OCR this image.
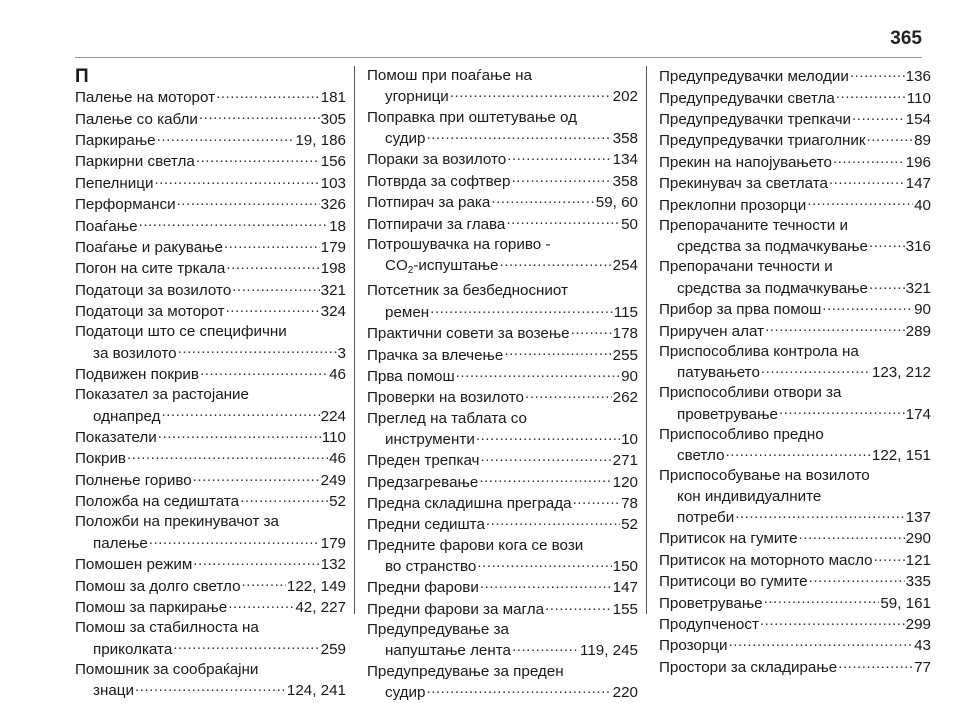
365
П
Палење на моторот .....	181
Палење со кабли .....	305
Паркирање .....	19, 186
Паркирни светла .....	156
Пепелници .....	103
Перформанси .....	326
Поаѓање .....	18
Поаѓање и ракување .....	179
Погон на сите тркала .....	198
Податоци за возилото .....	321
Податоци за моторот .....	324
Податоци што се специфични
за возилото .....	3
Подвижен покрив .....	46
Показател за растојание
однапред .....	224
Показатели .....	110
Покрив .....	46
Полнење гориво .....	249
Положба на седиштата .....	52
Положби на прекинувачот за
палење .....	179
Помошен режим .....	132
Помош за долго светло .....	122, 149
Помош за паркирање .....	42, 227
Помош за стабилноста на
приколката .....	259
Помошник за сообраќајни
знаци .....	124, 241
Помош при поаѓање на
угорници .....	202
Поправка при оштетување од
судир .....	358
Пораки за возилото .....	134
Потврда за софтвер .....	358
Потпирач за рака .....	59, 60
Потпирачи за глава .....	50
Потрошувачка на гориво -
$CO_2$-испуштање .....	254
Потсетник за безбедносниот
ремен .....	115
Практични совети за возење .....	178
Прачка за влечење .....	255
Прва помош .....	90
Проверки на возилото .....	262
Преглед на таблата со
инструменти .....	10
Преден трепкач .....	271
Предзагревање .....	120
Предна складишна преграда .....	78
Предни седишта .....	52
Предните фарови кога се вози
во странство .....	150
Предни фарови .....	147
Предни фарови за магла .....	155
Предупредување за
напуштање лента .....	119, 245
Предупредување за преден
судир .....	220
Предупредувачки мелодии .....	136
Предупредувачки светла .....	110
Предупредувачки трепкачи .....	154
Предупредувачки триаголник .....	89
Прекин на напојувањето .....	196
Прекинувач за светлата .....	147
Преклопни прозорци .....	40
Препорачаните течности и
средства за подмачкување ..... 316
Препорачани течности и
средства за подмачкување ..... 321
Прибор за прва помош .....	90
Приручен алат .....	289
Приспособлива контрола на
патувањето .....	123, 212
Приспособливи отвори за
проветрување .....	174
Приспособливо предно
светло .....	122, 151
Приспособување на возилото
кон индивидуалните
потреби .....	137
Притисок на гумите .....	290
Притисок на моторното масло ..... 121
Притисоци во гумите .....	335
Проветрување .....	59, 161
Продупченост .....	299
Прозорци .....	43
Простори за складирање .....	77
